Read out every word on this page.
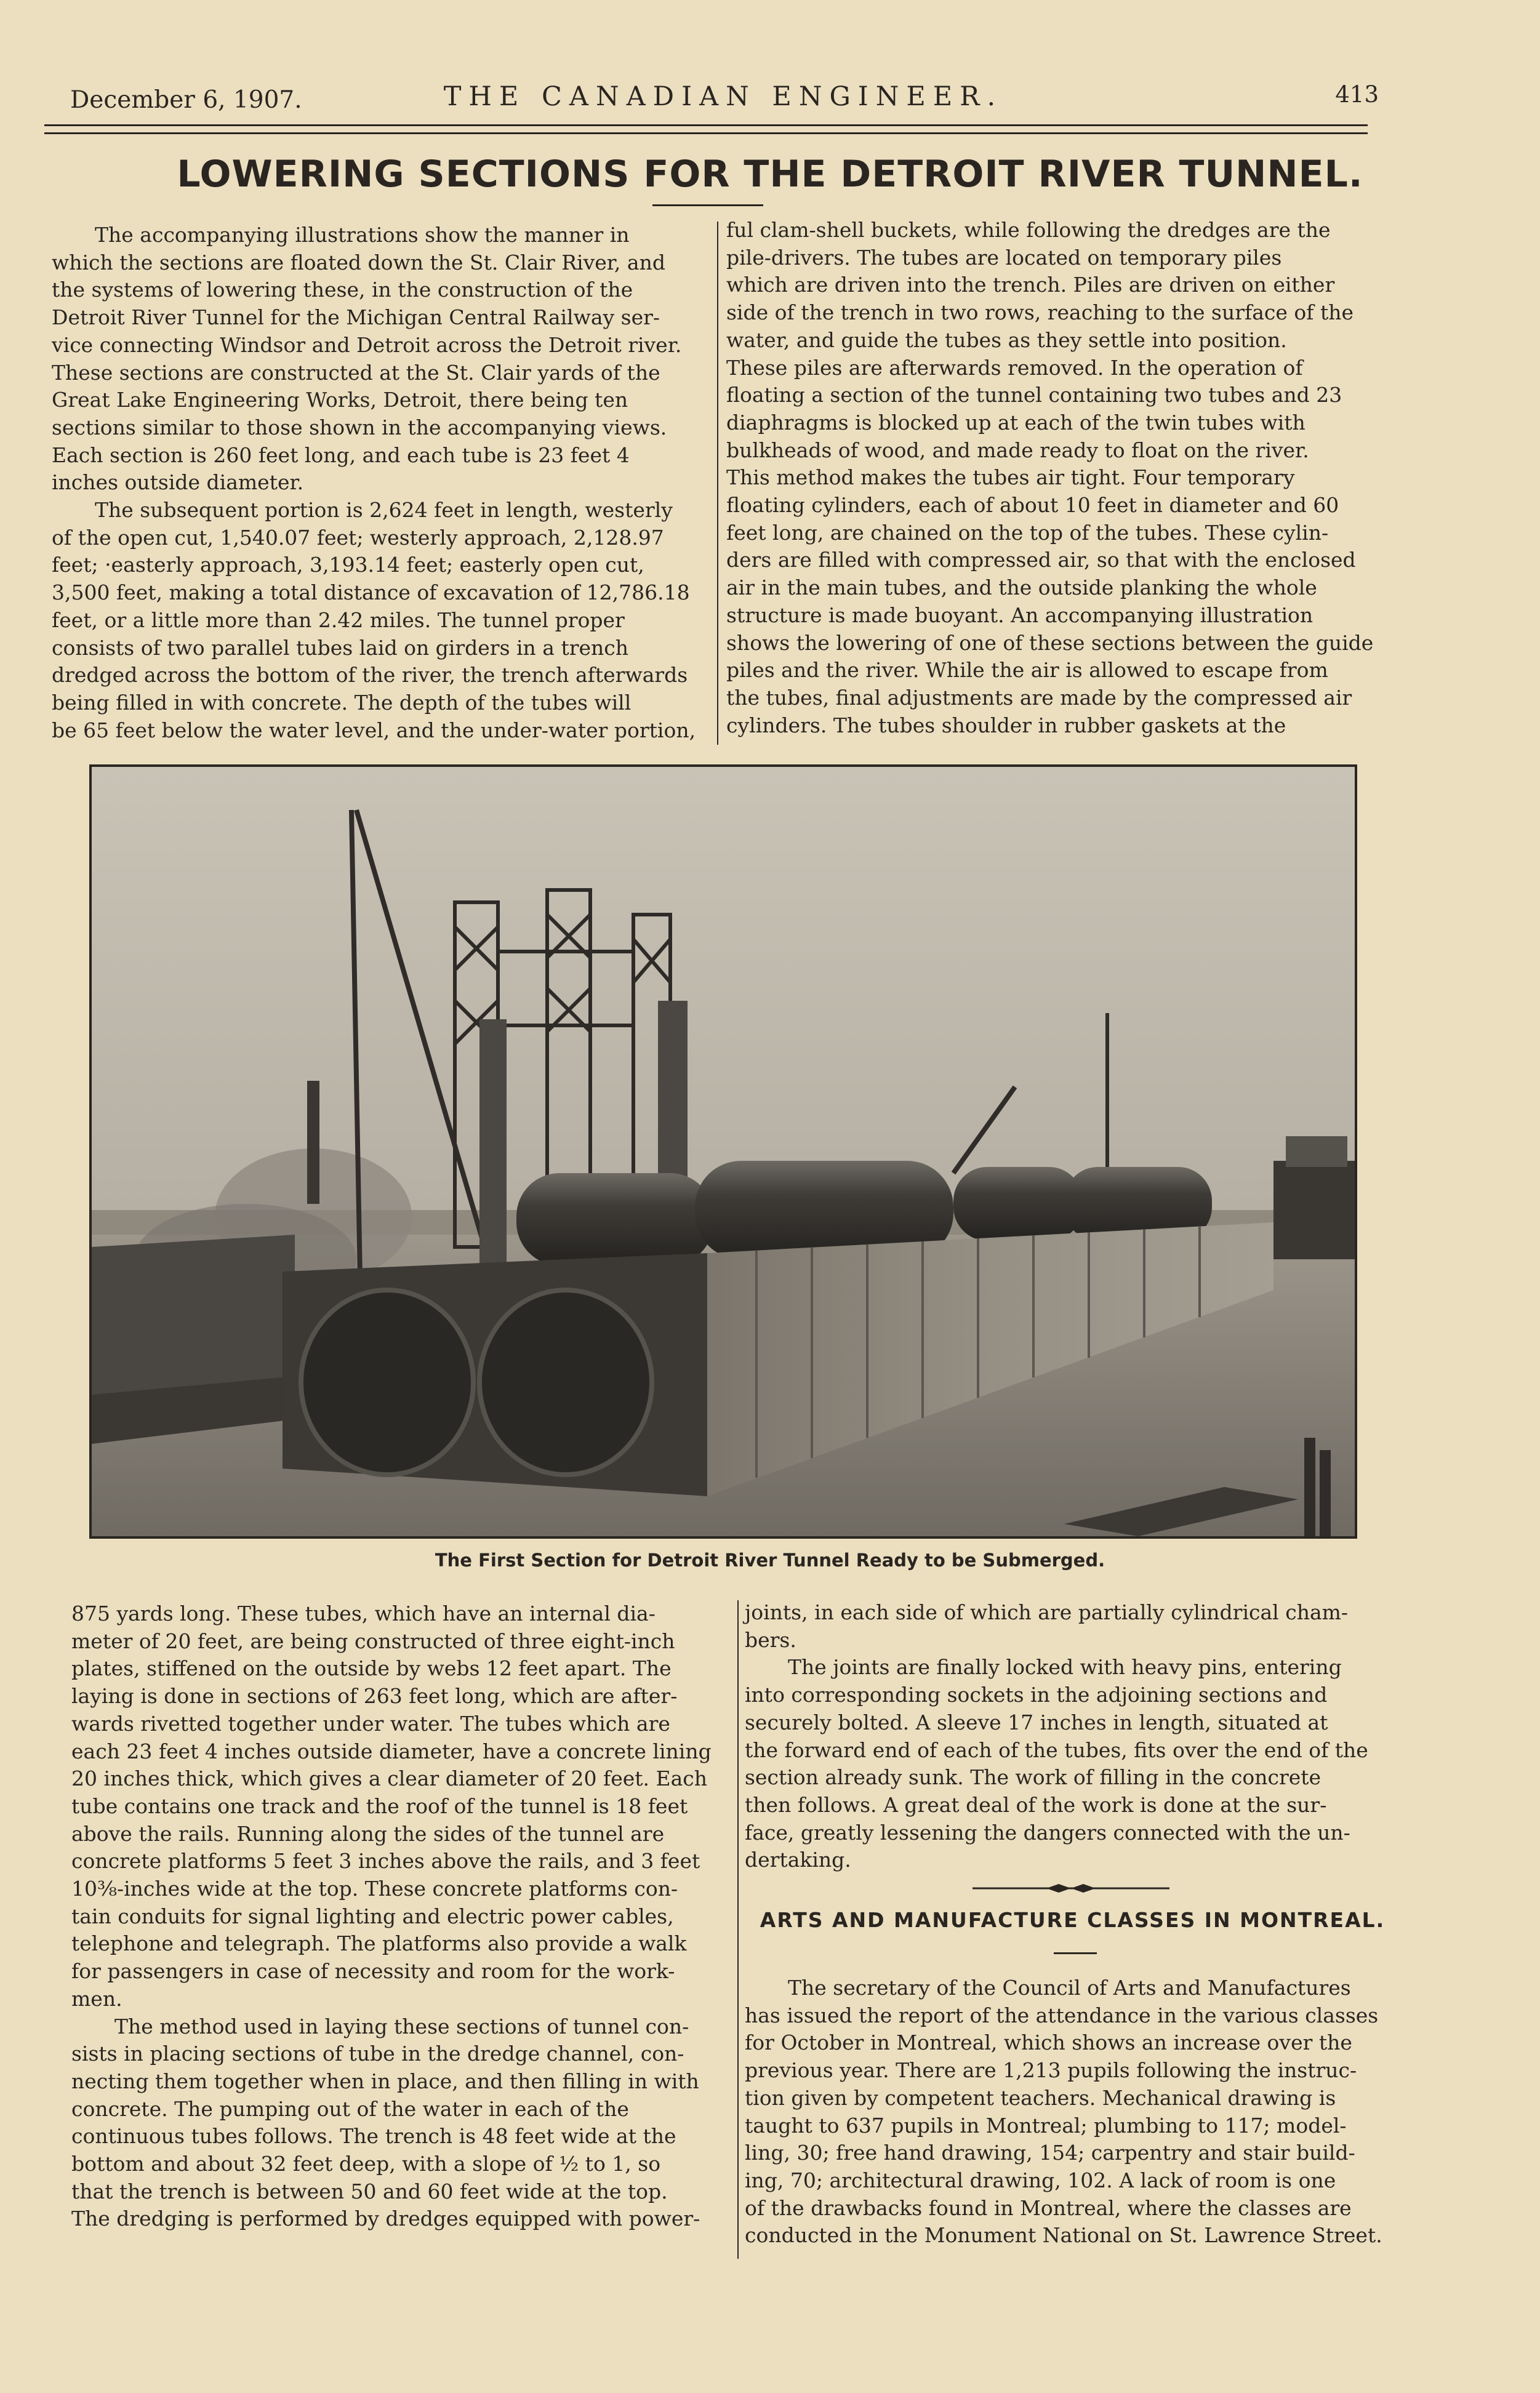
December 6, 1907.	THE CANADIAN ENGINEER.	413
LOWERING SECTIONS FOR THE DETROIT RIVER TUNNEL.

The accompanying illustrations show the manner in

which the sections are floated down the St. Clair River, and

the systems of lowering these, in the construction of the

Detroit River Tunnel for the Michigan Central Railway ser-

vice connecting Windsor and Detroit across the Detroit river.

These sections are constructed at the St. Clair yards of the

Great Lake Engineering Works, Detroit, there being ten

sections similar to those shown in the accompanying views.

Each section is 260 feet long, and each tube is 23 feet 4

inches outside diameter.

The subsequent portion is 2,624 feet in length, westerly

of the open cut, 1,540.07 feet; westerly approach, 2,128.97

feet; ·easterly approach, 3,193.14 feet; easterly open cut,

3,500 feet, making a total distance of excavation of 12,786.18

feet, or a little more than 2.42 miles. The tunnel proper

consists of two parallel tubes laid on girders in a trench

dredged across the bottom of the river, the trench afterwards

being filled in with concrete. The depth of the tubes will

be 65 feet below the water level, and the under-water portion,

ful clam-shell buckets, while following the dredges are the

pile-drivers. The tubes are located on temporary piles

which are driven into the trench. Piles are driven on either

side of the trench in two rows, reaching to the surface of the

water, and guide the tubes as they settle into position.

These piles are afterwards removed. In the operation of

floating a section of the tunnel containing two tubes and 23

diaphragms is blocked up at each of the twin tubes with

bulkheads of wood, and made ready to float on the river.

This method makes the tubes air tight. Four temporary

floating cylinders, each of about 10 feet in diameter and 60

feet long, are chained on the top of the tubes. These cylin-

ders are filled with compressed air, so that with the enclosed

air in the main tubes, and the outside planking the whole

structure is made buoyant. An accompanying illustration

shows the lowering of one of these sections between the guide

piles and the river. While the air is allowed to escape from

the tubes, final adjustments are made by the compressed air

cylinders. The tubes shoulder in rubber gaskets at the

The First Section for Detroit River Tunnel Ready to be Submerged.

875 yards long. These tubes, which have an internal dia-

meter of 20 feet, are being constructed of three eight-inch

plates, stiffened on the outside by webs 12 feet apart. The

laying is done in sections of 263 feet long, which are after-

wards rivetted together under water. The tubes which are

each 23 feet 4 inches outside diameter, have a concrete lining

20 inches thick, which gives a clear diameter of 20 feet. Each

tube contains one track and the roof of the tunnel is 18 feet

above the rails. Running along the sides of the tunnel are

concrete platforms 5 feet 3 inches above the rails, and 3 feet

10⅜-inches wide at the top. These concrete platforms con-

tain conduits for signal lighting and electric power cables,

telephone and telegraph. The platforms also provide a walk

for passengers in case of necessity and room for the work-

men.

The method used in laying these sections of tunnel con-

sists in placing sections of tube in the dredge channel, con-

necting them together when in place, and then filling in with

concrete. The pumping out of the water in each of the

continuous tubes follows. The trench is 48 feet wide at the

bottom and about 32 feet deep, with a slope of ½ to 1, so

that the trench is between 50 and 60 feet wide at the top.

The dredging is performed by dredges equipped with power-

joints, in each side of which are partially cylindrical cham-

bers.

The joints are finally locked with heavy pins, entering

into corresponding sockets in the adjoining sections and

securely bolted. A sleeve 17 inches in length, situated at

the forward end of each of the tubes, fits over the end of the

section already sunk. The work of filling in the concrete

then follows. A great deal of the work is done at the sur-

face, greatly lessening the dangers connected with the un-

dertaking.

ARTS AND MANUFACTURE CLASSES IN MONTREAL.

The secretary of the Council of Arts and Manufactures

has issued the report of the attendance in the various classes

for October in Montreal, which shows an increase over the

previous year. There are 1,213 pupils following the instruc-

tion given by competent teachers. Mechanical drawing is

taught to 637 pupils in Montreal; plumbing to 117; model-

ling, 30; free hand drawing, 154; carpentry and stair build-

ing, 70; architectural drawing, 102. A lack of room is one

of the drawbacks found in Montreal, where the classes are

conducted in the Monument National on St. Lawrence Street.
